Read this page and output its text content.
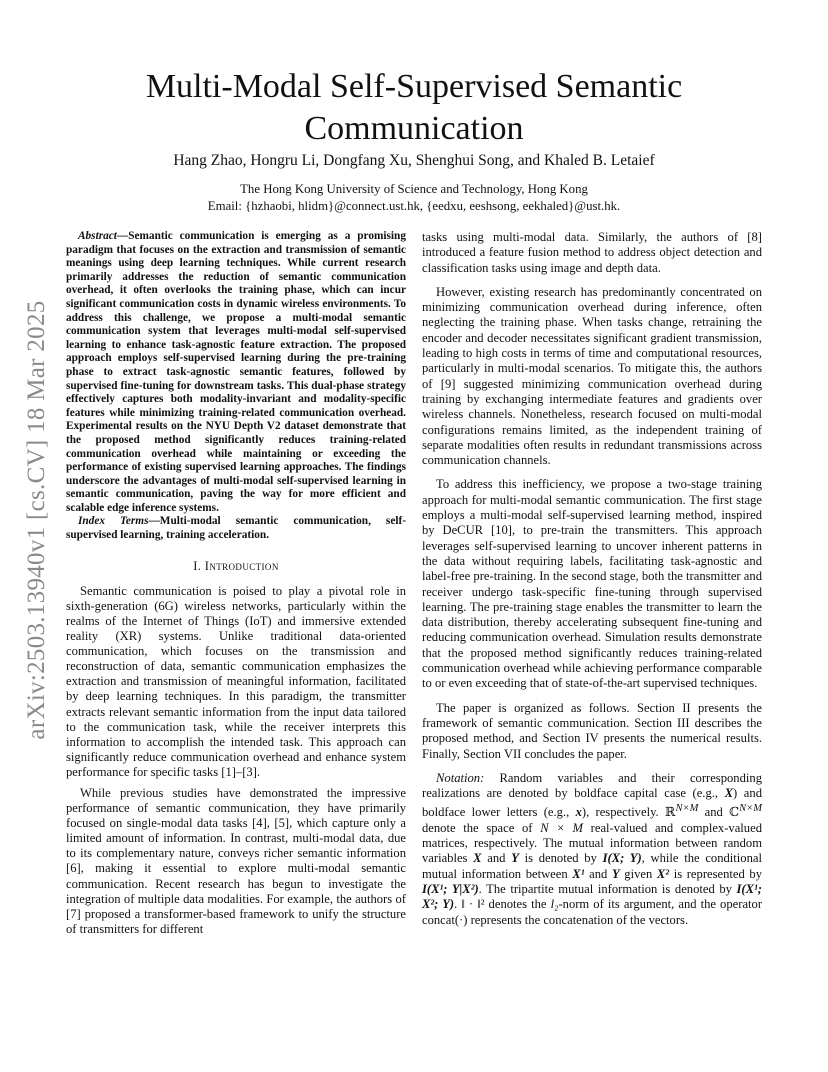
arXiv:2503.13940v1 [cs.CV] 18 Mar 2025
Multi-Modal Self-Supervised Semantic Communication
Hang Zhao, Hongru Li, Dongfang Xu, Shenghui Song, and Khaled B. Letaief
The Hong Kong University of Science and Technology, Hong Kong
Email: {hzhaobi, hlidm}@connect.ust.hk, {eedxu, eeshsong, eekhaled}@ust.hk.

Abstract—Semantic communication is emerging as a promising paradigm that focuses on the extraction and transmission of semantic meanings using deep learning techniques. While current research primarily addresses the reduction of semantic communication overhead, it often overlooks the training phase, which can incur significant communication costs in dynamic wireless environments. To address this challenge, we propose a multi-modal semantic communication system that leverages multi-modal self-supervised learning to enhance task-agnostic feature extraction. The proposed approach employs self-supervised learning during the pre-training phase to extract task-agnostic semantic features, followed by supervised fine-tuning for downstream tasks. This dual-phase strategy effectively captures both modality-invariant and modality-specific features while minimizing training-related communication overhead. Experimental results on the NYU Depth V2 dataset demonstrate that the proposed method significantly reduces training-related communication overhead while maintaining or exceeding the performance of existing supervised learning approaches. The findings underscore the advantages of multi-modal self-supervised learning in semantic communication, paving the way for more efficient and scalable edge inference systems.

Index Terms—Multi-modal semantic communication, self-supervised learning, training acceleration.

I. Introduction

Semantic communication is poised to play a pivotal role in sixth-generation (6G) wireless networks, particularly within the realms of the Internet of Things (IoT) and immersive extended reality (XR) systems. Unlike traditional data-oriented communication, which focuses on the transmission and reconstruction of data, semantic communication emphasizes the extraction and transmission of meaningful information, facilitated by deep learning techniques. In this paradigm, the transmitter extracts relevant semantic information from the input data tailored to the communication task, while the receiver interprets this information to accomplish the intended task. This approach can significantly reduce communication overhead and enhance system performance for specific tasks [1]–[3].

While previous studies have demonstrated the impressive performance of semantic communication, they have primarily focused on single-modal data tasks [4], [5], which capture only a limited amount of information. In contrast, multi-modal data, due to its complementary nature, conveys richer semantic information [6], making it essential to explore multi-modal semantic communication. Recent research has begun to investigate the integration of multiple data modalities. For example, the authors of [7] proposed a transformer-based framework to unify the structure of transmitters for different

tasks using multi-modal data. Similarly, the authors of [8] introduced a feature fusion method to address object detection and classification tasks using image and depth data.

However, existing research has predominantly concentrated on minimizing communication overhead during inference, often neglecting the training phase. When tasks change, retraining the encoder and decoder necessitates significant gradient transmission, leading to high costs in terms of time and computational resources, particularly in multi-modal scenarios. To mitigate this, the authors of [9] suggested minimizing communication overhead during training by exchanging intermediate features and gradients over wireless channels. Nonetheless, research focused on multi-modal configurations remains limited, as the independent training of separate modalities often results in redundant transmissions across communication channels.

To address this inefficiency, we propose a two-stage training approach for multi-modal semantic communication. The first stage employs a multi-modal self-supervised learning method, inspired by DeCUR [10], to pre-train the transmitters. This approach leverages self-supervised learning to uncover inherent patterns in the data without requiring labels, facilitating task-agnostic and label-free pre-training. In the second stage, both the transmitter and receiver undergo task-specific fine-tuning through supervised learning. The pre-training stage enables the transmitter to learn the data distribution, thereby accelerating subsequent fine-tuning and reducing communication overhead. Simulation results demonstrate that the proposed method significantly reduces training-related communication overhead while achieving performance comparable to or even exceeding that of state-of-the-art supervised techniques.

The paper is organized as follows. Section II presents the framework of semantic communication. Section III describes the proposed method, and Section IV presents the numerical results. Finally, Section VII concludes the paper.

Notation: Random variables and their corresponding realizations are denoted by boldface capital case (e.g., X) and boldface lower letters (e.g., x), respectively. ℝ$^{N\times M}$ and ℂ$^{N\times M}$ denote the space of N × M real-valued and complex-valued matrices, respectively. The mutual information between random variables X and Y is denoted by I(X; Y), while the conditional mutual information between X¹ and Y given X² is represented by I(X¹; Y|X²). The tripartite mutual information is denoted by I(X¹; X²; Y). ‖ · ‖² denotes the l₂-norm of its argument, and the operator concat(·) represents the concatenation of the vectors.
